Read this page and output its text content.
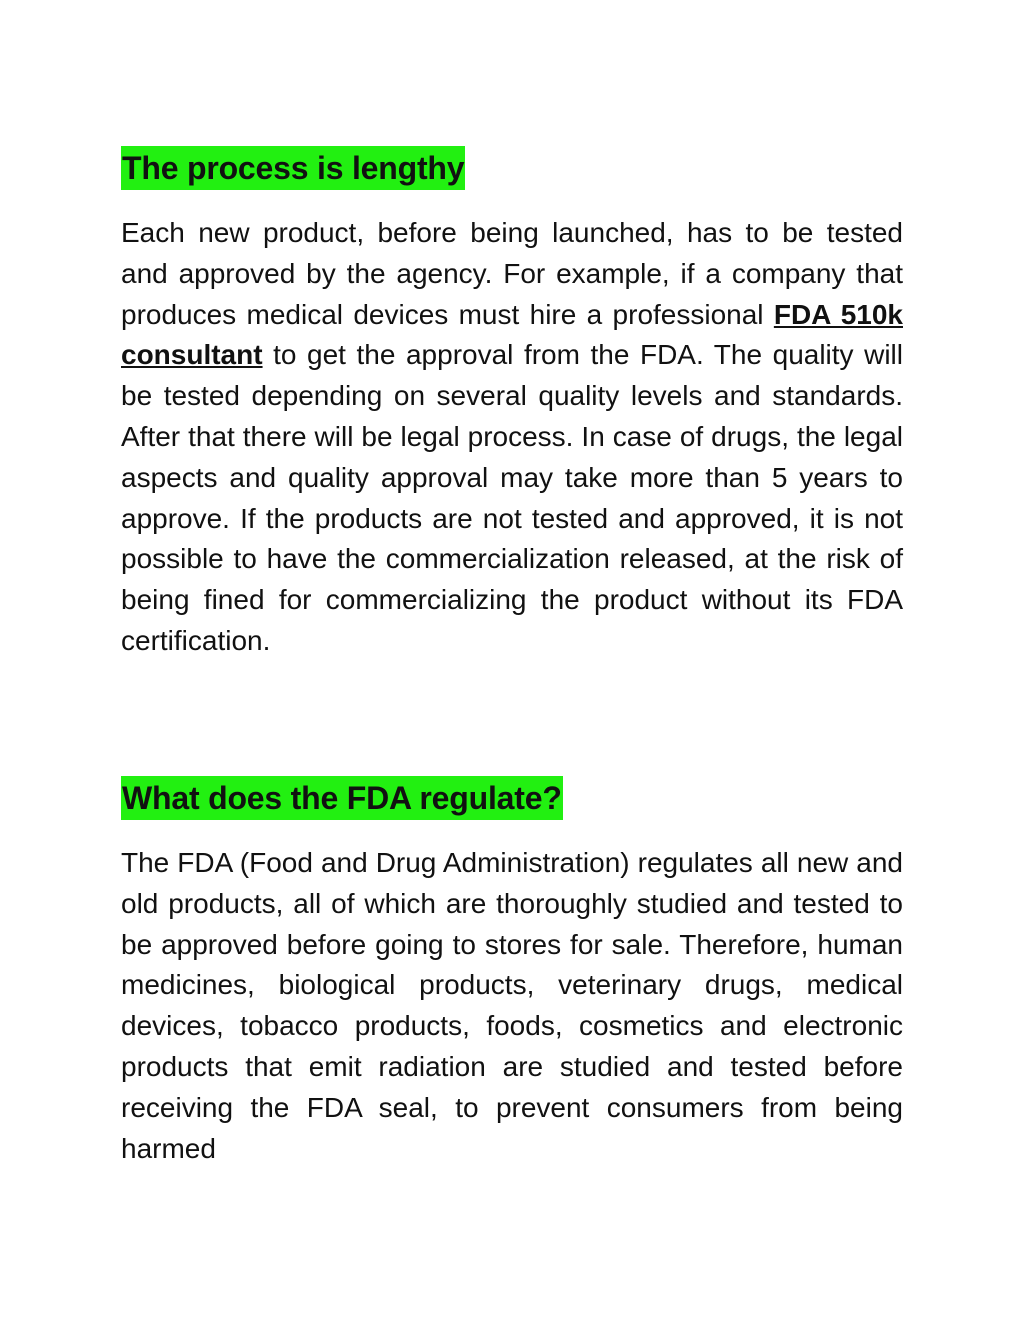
The process is lengthy

Each new product, before being launched, has to be tested and approved by the agency. For example, if a company that produces medical devices must hire a professional FDA 510k consultant to get the approval from the FDA. The quality will be tested depending on several quality levels and standards. After that there will be legal process. In case of drugs, the legal aspects and quality approval may take more than 5 years to approve. If the products are not tested and approved, it is not possible to have the commercialization released, at the risk of being fined for commercializing the product without its FDA certification.

What does the FDA regulate?

The FDA (Food and Drug Administration) regulates all new and old products, all of which are thoroughly studied and tested to be approved before going to stores for sale. Therefore, human medicines, biological products, veterinary drugs, medical devices, tobacco products, foods, cosmetics and electronic products that emit radiation are studied and tested before receiving the FDA seal, to prevent consumers from being harmed
